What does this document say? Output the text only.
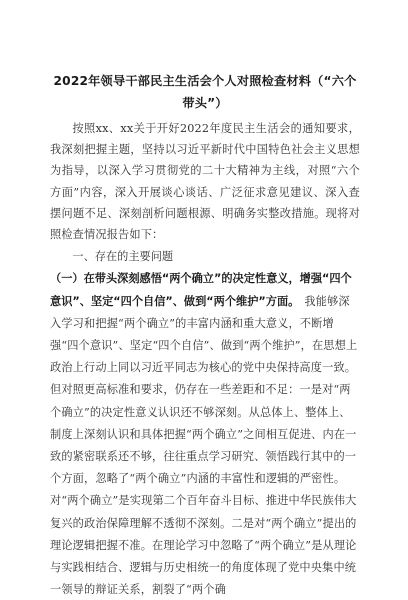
2022年领导干部民主生活会个人对照检查材料（“六个带头”）

按照xx、xx关于开好2022年度民主生活会的通知要求，我深刻把握主题，坚持以习近平新时代中国特色社会主义思想为指导，以深入学习贯彻党的二十大精神为主线，对照“六个方面”内容，深入开展谈心谈话、广泛征求意见建议、深入查摆问题不足、深刻剖析问题根源、明确务实整改措施。现将对照检查情况报告如下：

一、存在的主要问题

（一）在带头深刻感悟“两个确立”的决定性意义，增强“四个意识”、坚定“四个自信”、做到“两个维护”方面。

我能够深入学习和把握“两个确立”的丰富内涵和重大意义，不断增强“四个意识”、坚定“四个自信”、做到“两个维护”，在思想上政治上行动上同以习近平同志为核心的党中央保持高度一致。但对照更高标准和要求，仍存在一些差距和不足：一是对“两个确立”的决定性意义认识还不够深刻。从总体上、整体上、制度上深刻认识和具体把握“两个确立”之间相互促进、内在一致的紧密联系还不够，往往重点学习研究、领悟践行其中的一个方面，忽略了“两个确立”内涵的丰富性和逻辑的严密性。对“两个确立”是实现第二个百年奋斗目标、推进中华民族伟大复兴的政治保障理解不透彻不深刻。二是对“两个确立”提出的理论逻辑把握不准。在理论学习中忽略了“两个确立”是从理论与实践相结合、逻辑与历史相统一的角度体现了党中央集中统一领导的辩证关系，割裂了“两个确
